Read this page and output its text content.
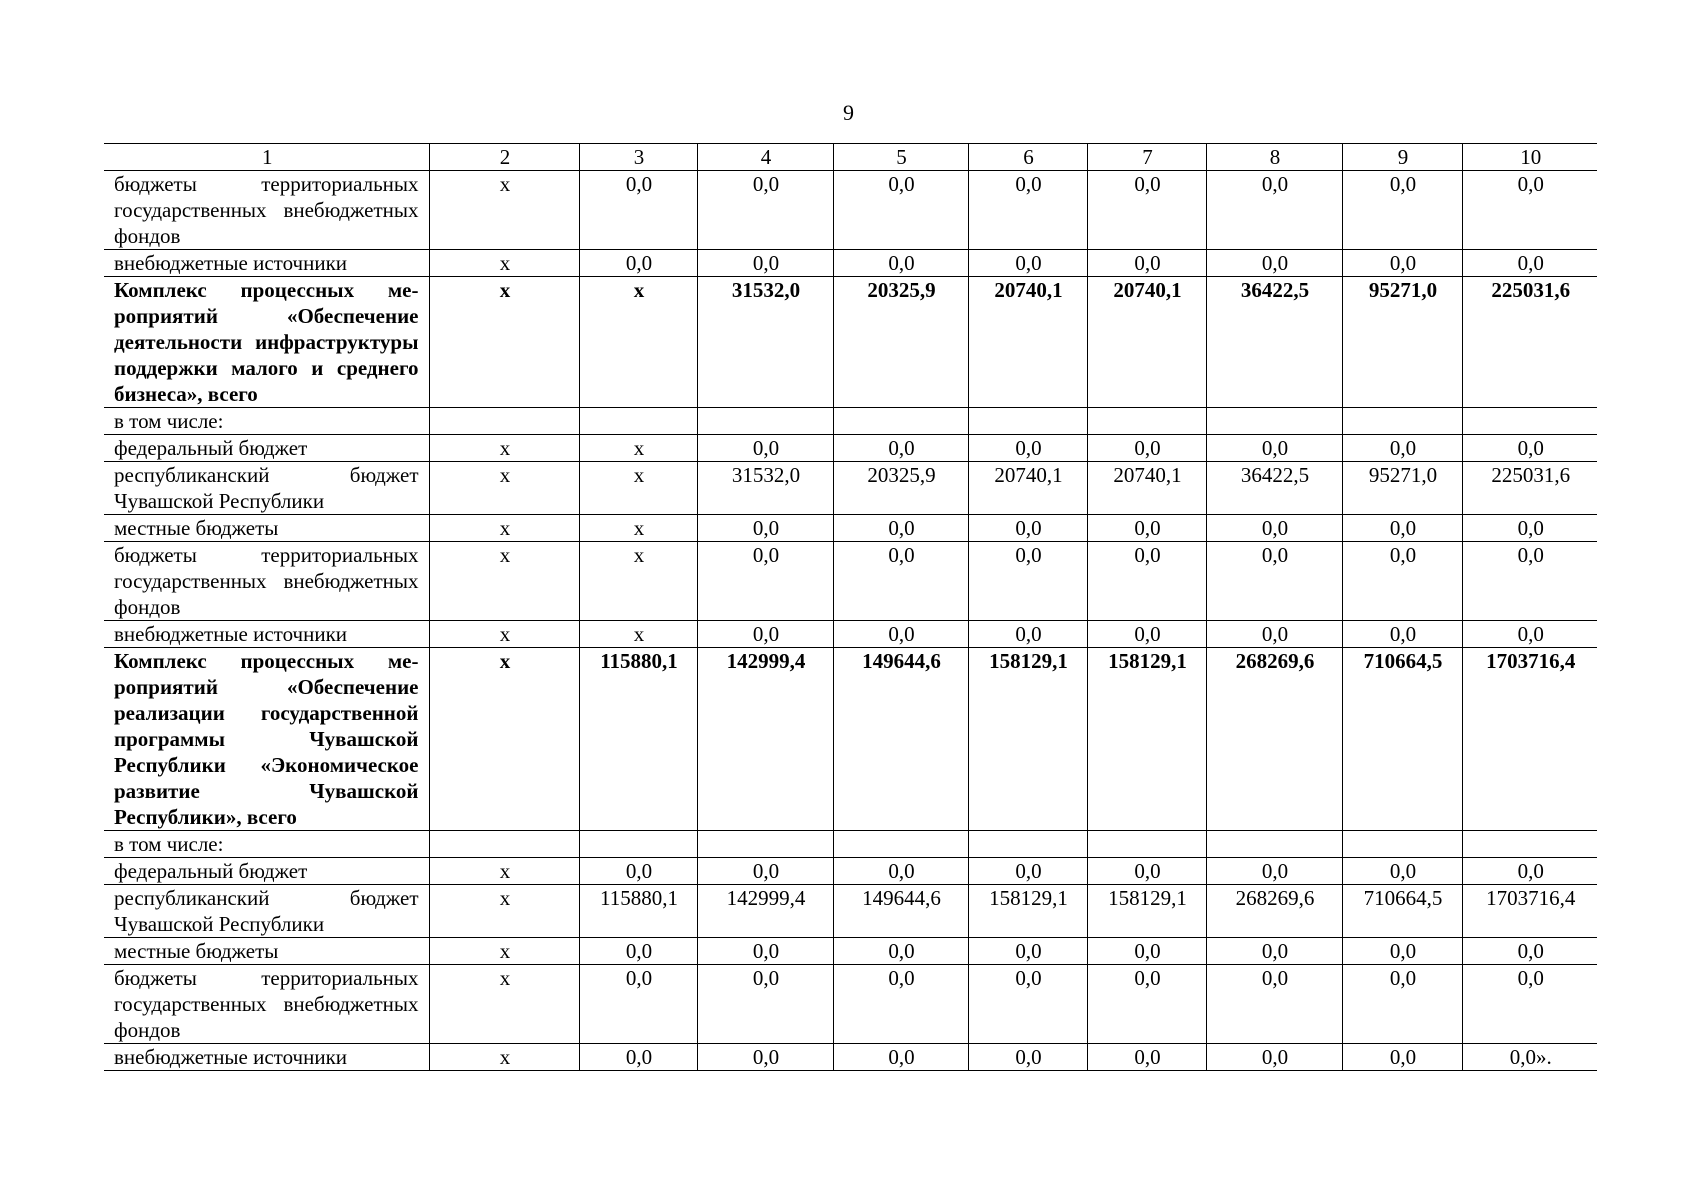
9
1	2	3	4	5	6	7	8	9	10
бюджеты территориальных государственных внебюджетных фондов	х	0,0	0,0	0,0	0,0	0,0	0,0	0,0	0,0
внебюджетные источники	х	0,0	0,0	0,0	0,0	0,0	0,0	0,0	0,0
Комплекс процессных мероприятий «Обеспечение деятельности инфраструктуры поддержки малого и среднего бизнеса», всего	х	х	31532,0	20325,9	20740,1	20740,1	36422,5	95271,0	225031,6
в том числе:									
федеральный бюджет	х	х	0,0	0,0	0,0	0,0	0,0	0,0	0,0
республиканский бюджет Чувашской Республики	х	х	31532,0	20325,9	20740,1	20740,1	36422,5	95271,0	225031,6
местные бюджеты	х	х	0,0	0,0	0,0	0,0	0,0	0,0	0,0
бюджеты территориальных государственных внебюджетных фондов	х	х	0,0	0,0	0,0	0,0	0,0	0,0	0,0
внебюджетные источники	х	х	0,0	0,0	0,0	0,0	0,0	0,0	0,0
Комплекс процессных мероприятий «Обеспечение реализации государственной программы Чувашской Республики «Экономическое развитие Чувашской Республики», всего	х	115880,1	142999,4	149644,6	158129,1	158129,1	268269,6	710664,5	1703716,4
в том числе:									
федеральный бюджет	х	0,0	0,0	0,0	0,0	0,0	0,0	0,0	0,0
республиканский бюджет Чувашской Республики	х	115880,1	142999,4	149644,6	158129,1	158129,1	268269,6	710664,5	1703716,4
местные бюджеты	х	0,0	0,0	0,0	0,0	0,0	0,0	0,0	0,0
бюджеты территориальных государственных внебюджетных фондов	х	0,0	0,0	0,0	0,0	0,0	0,0	0,0	0,0
внебюджетные источники	х	0,0	0,0	0,0	0,0	0,0	0,0	0,0	0,0».
